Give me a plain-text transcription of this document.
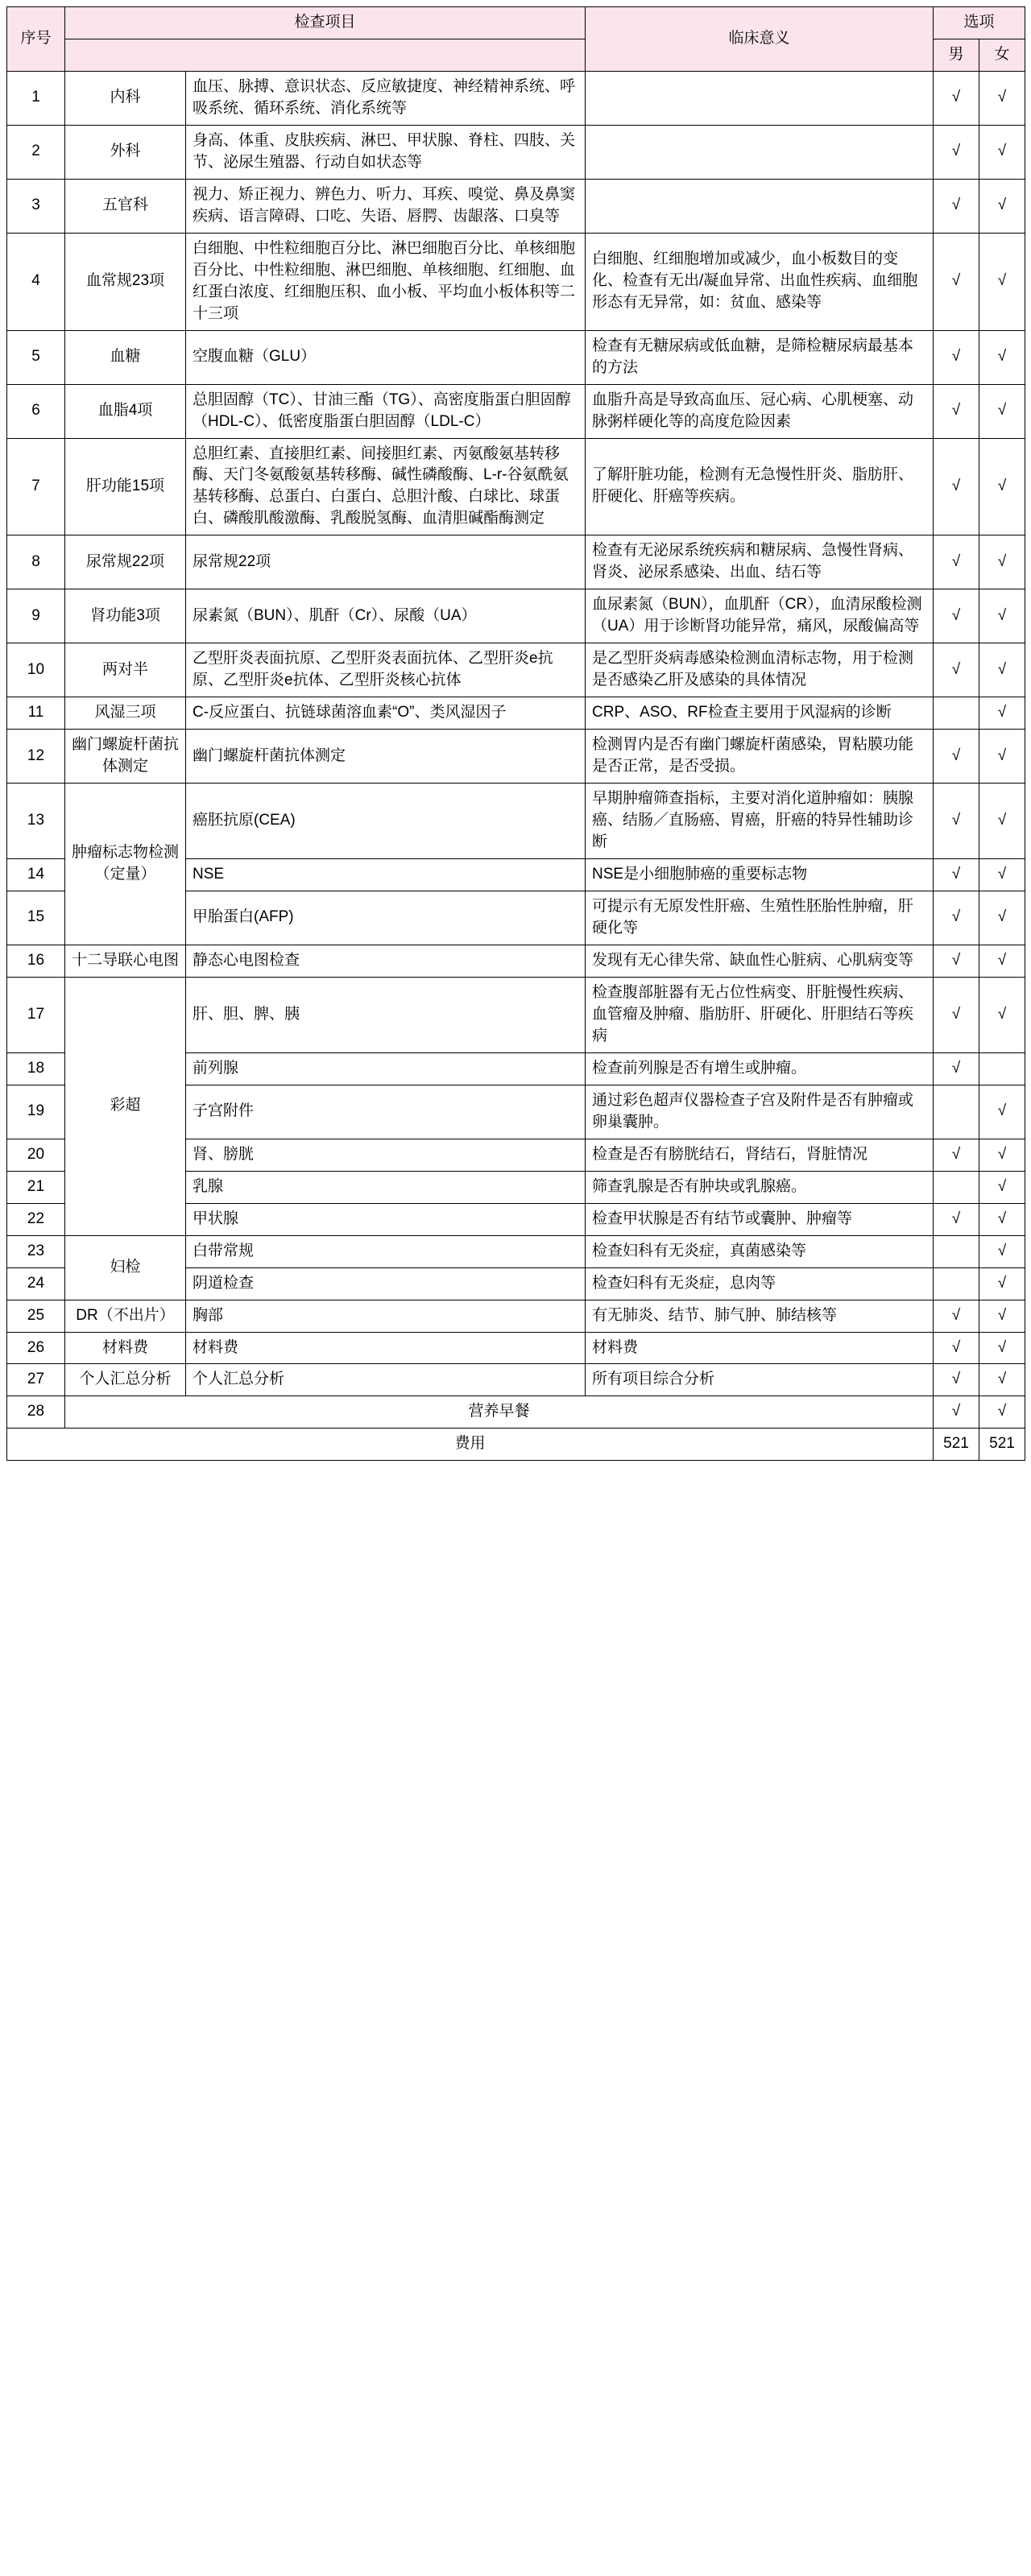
序号	检查项目		临床意义	选项	
				男	女
1	内科	血压、脉搏、意识状态、反应敏捷度、神经精神系统、呼吸系统、循环系统、消化系统等		√	√
2	外科	身高、体重、皮肤疾病、淋巴、甲状腺、脊柱、四肢、关节、泌尿生殖器、行动自如状态等		√	√
3	五官科	视力、矫正视力、辨色力、听力、耳疾、嗅觉、鼻及鼻窦疾病、语言障碍、口吃、失语、唇腭、齿龈落、口臭等		√	√
4	血常规23项	白细胞、中性粒细胞百分比、淋巴细胞百分比、单核细胞百分比、中性粒细胞、淋巴细胞、单核细胞、红细胞、血红蛋白浓度、红细胞压积、血小板、平均血小板体积等二十三项	白细胞、红细胞增加或减少，血小板数目的变化、检查有无出/凝血异常、出血性疾病、血细胞形态有无异常，如：贫血、感染等	√	√
5	血糖	空腹血糖（GLU）	检查有无糖尿病或低血糖，是筛检糖尿病最基本的方法	√	√
6	血脂4项	总胆固醇（TC）、甘油三酯（TG）、高密度脂蛋白胆固醇（HDL-C）、低密度脂蛋白胆固醇（LDL-C）	血脂升高是导致高血压、冠心病、心肌梗塞、动脉粥样硬化等的高度危险因素	√	√
7	肝功能15项	总胆红素、直接胆红素、间接胆红素、丙氨酸氨基转移酶、天门冬氨酸氨基转移酶、碱性磷酸酶、L-r-谷氨酰氨基转移酶、总蛋白、白蛋白、总胆汁酸、白球比、球蛋白、磷酸肌酸激酶、乳酸脱氢酶、血清胆碱酯酶测定	了解肝脏功能，检测有无急慢性肝炎、脂肪肝、肝硬化、肝癌等疾病。	√	√
8	尿常规22项	尿常规22项	检查有无泌尿系统疾病和糖尿病、急慢性肾病、肾炎、泌尿系感染、出血、结石等	√	√
9	肾功能3项	尿素氮（BUN）、肌酐（Cr）、尿酸（UA）	血尿素氮（BUN），血肌酐（CR），血清尿酸检测（UA）用于诊断肾功能异常，痛风，尿酸偏高等	√	√
10	两对半	乙型肝炎表面抗原、乙型肝炎表面抗体、乙型肝炎e抗原、乙型肝炎e抗体、乙型肝炎核心抗体	是乙型肝炎病毒感染检测血清标志物，用于检测是否感染乙肝及感染的具体情况	√	√
11	风湿三项	C-反应蛋白、抗链球菌溶血素“O”、类风湿因子	CRP、ASO、RF检查主要用于风湿病的诊断		√
12	幽门螺旋杆菌抗体测定	幽门螺旋杆菌抗体测定	检测胃内是否有幽门螺旋杆菌感染，胃粘膜功能是否正常，是否受损。	√	√
13	肿瘤标志物检测（定量）	癌胚抗原(CEA)	早期肿瘤筛查指标，主要对消化道肿瘤如：胰腺癌、结肠／直肠癌、胃癌，肝癌的特异性辅助诊断	√	√
14		NSE	NSE是小细胞肺癌的重要标志物	√	√
15		甲胎蛋白(AFP)	可提示有无原发性肝癌、生殖性胚胎性肿瘤，肝硬化等	√	√
16	十二导联心电图	静态心电图检查	发现有无心律失常、缺血性心脏病、心肌病变等	√	√
17	彩超	肝、胆、脾、胰	检查腹部脏器有无占位性病变、肝脏慢性疾病、血管瘤及肿瘤、脂肪肝、肝硬化、肝胆结石等疾病	√	√
18		前列腺	检查前列腺是否有增生或肿瘤。	√	
19		子宫附件	通过彩色超声仪器检查子宫及附件是否有肿瘤或卵巢囊肿。		√
20		肾、膀胱	检查是否有膀胱结石，肾结石，肾脏情况	√	√
21		乳腺	筛查乳腺是否有肿块或乳腺癌。		√
22		甲状腺	检查甲状腺是否有结节或囊肿、肿瘤等	√	√
23	妇检	白带常规	检查妇科有无炎症，真菌感染等		√
24		阴道检查	检查妇科有无炎症，息肉等		√
25	DR（不出片）	胸部	有无肺炎、结节、肺气肿、肺结核等	√	√
26	材料费	材料费	材料费	√	√
27	个人汇总分析	个人汇总分析	所有项目综合分析	√	√
28	营养早餐			√	√
费用				521	521
